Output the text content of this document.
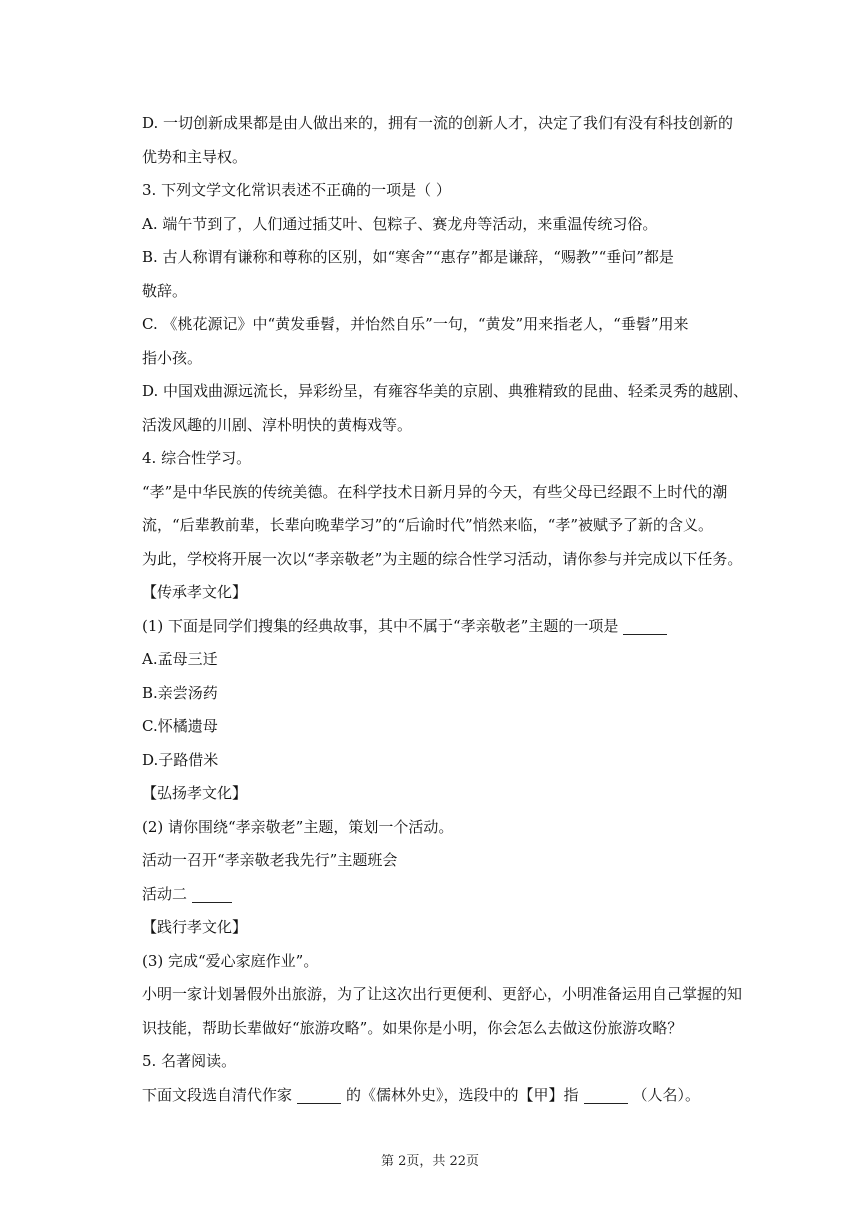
D. 一切创新成果都是由人做出来的，拥有一流的创新人才，决定了我们有没有科技创新的
优势和主导权。
3. 下列文学文化常识表述不正确的一项是（ ）
A. 端午节到了，人们通过插艾叶、包粽子、赛龙舟等活动，来重温传统习俗。
B. 古人称谓有谦称和尊称的区别，如“寒舍”“惠存”都是谦辞，“赐教”“垂问”都是
敬辞。
C. 《桃花源记》中“黄发垂髫，并怡然自乐”一句，“黄发”用来指老人，“垂髫”用来
指小孩。
D. 中国戏曲源远流长，异彩纷呈，有雍容华美的京剧、典雅精致的昆曲、轻柔灵秀的越剧、
活泼风趣的川剧、淳朴明快的黄梅戏等。
4. 综合性学习。
“孝”是中华民族的传统美德。在科学技术日新月异的今天，有些父母已经跟不上时代的潮
流，“后辈教前辈，长辈向晚辈学习”的“后谕时代”悄然来临，“孝”被赋予了新的含义。
为此，学校将开展一次以“孝亲敬老”为主题的综合性学习活动，请你参与并完成以下任务。
【传承孝文化】
(1) 下面是同学们搜集的经典故事，其中不属于“孝亲敬老”主题的一项是
A.孟母三迁
B.亲尝汤药
C.怀橘遗母
D.子路借米
【弘扬孝文化】
(2) 请你围绕“孝亲敬老”主题，策划一个活动。
活动一召开“孝亲敬老我先行”主题班会
活动二
【践行孝文化】
(3) 完成“爱心家庭作业”。
小明一家计划暑假外出旅游，为了让这次出行更便利、更舒心，小明准备运用自己掌握的知
识技能，帮助长辈做好“旅游攻略”。如果你是小明，你会怎么去做这份旅游攻略？
5. 名著阅读。
下面文段选自清代作家	的《儒林外史》，选段中的【甲】指	（人名）。
第 2页，共 22页
